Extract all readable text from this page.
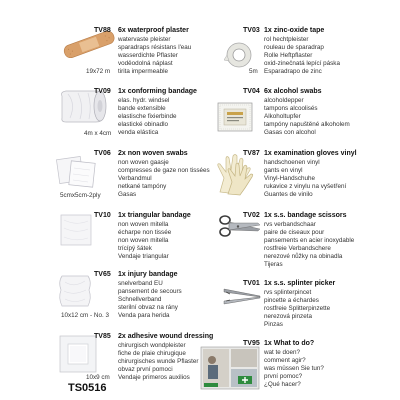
TV88 6x waterproof plaster
watervaste pleister
sparadraps résistans l'eau
wasserdichte Pflaster
voděodolná náplast
tirita impermeable
19x72 m
TV03 1x zinc-oxide tape
rol hechtpleister
rouleau de sparadrap
Rolle Heftpflaster
oxid-zinečnatá lepící páska
Esparadrapo de zinc
5m
TV09 1x conforming bandage
elas. hydr. windsel
bande extensible
elastische fixierbinde
elastické obinadlo
venda elástica
4m x 4cm
TV04 6x alcohol swabs
alcoholdepper
tampons alcoolisés
Alkoholtupfer
tampóny napuštěné alkoholem
Gasas con alcohol
TV06 2x non woven swabs
non woven gaasje
compresses de gaze non tissées
Verbandmul
netkané tampóny
Gasas
5cmx5cm-2ply
TV87 1x examination gloves vinyl
handschoenen vinyl
gants en vinyl
Vinyl-Handschuhe
rukavice z vinylu na vyšetření
Guantes de vinilo
TV10 1x triangular bandage
non woven mitella
écharpe non tissée
non woven mitella
trícípý šátek
Vendaje triangular
TV02 1x s.s. bandage scissors
rvs verbandschaar
paire de ciseaux pour
pansements en acier inoxydable
rostfreie Verbandschere
nerezové nůžky na obinadla
Tijeras
TV65 1x injury bandage
snelverband EU
pansement de secours
Schnellverband
sterilní obvaz na rány
Venda para herida
10x12 cm - No. 3
TV01 1x s.s. splinter picker
rvs splinterpincet
pincette a échardes
rostfreie Splitterpinzette
nerezová pinzeta
Pinzas
TV85 2x adhesive wound dressing
chirurgisch wondpleister
fiche de plaie chirugique
chirurgisches wunde Pflaster
obvaz první pomoci
Vendaje primeros auxilios
10x9 cm
TV95 1x What to do?
wat te doen?
comment agir?
was müssen Sie tun?
první pomoc?
¿Qué hacer?
TS0516
